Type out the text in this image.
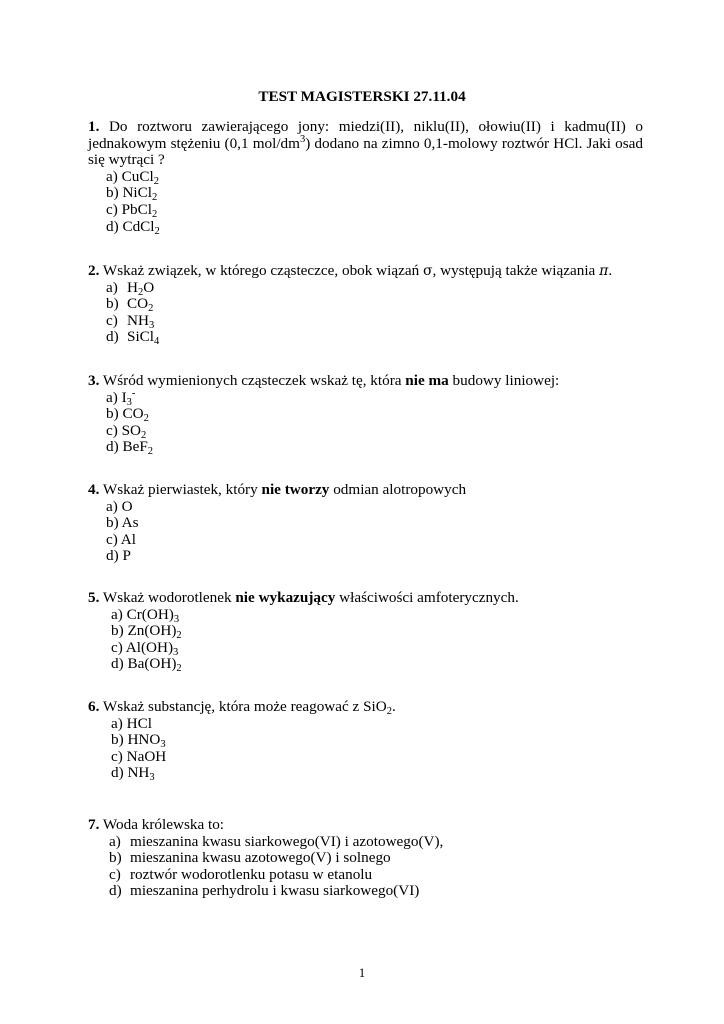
TEST MAGISTERSKI 27.11.04

1. Do roztworu zawierającego jony: miedzi(II), niklu(II), ołowiu(II) i kadmu(II) o jednakowym stężeniu (0,1 mol/$dm^3$) dodano na zimno 0,1-molowy roztwór HCl. Jaki osad się wytrąci ?

a) CuCl$_2$
b) NiCl$_2$
c) PbCl$_2$
d) CdCl$_2$

2. Wskaż związek, w którego cząsteczce, obok wiązań σ, występują także wiązania π.

a) $H_2O$
b) $CO_2$
c) $NH_3$
d) SiCl$_4$

3. Wśród wymienionych cząsteczek wskaż tę, która nie ma budowy liniowej:

a) $I_3^-$
b) $CO_2$
c) $SO_2$
d) BeF$_2$

4. Wskaż pierwiastek, który nie tworzy odmian alotropowych

a) O
b) As
c) Al
d) P

5. Wskaż wodorotlenek nie wykazujący właściwości amfoterycznych.

a) $Cr(OH)_3$
b) $Zn(OH)_2$
c) $Al(OH)_3$
d) $Ba(OH)_2$

6. Wskaż substancję, która może reagować z SiO$_2$.

a) HCl
b) $HNO_3$
c) NaOH
d) $NH_3$

7. Woda królewska to:

a) mieszanina kwasu siarkowego(VI) i azotowego(V),
b) mieszanina kwasu azotowego(V) i solnego
c) roztwór wodorotlenku potasu w etanolu
d) mieszanina perhydrolu i kwasu siarkowego(VI)
1
